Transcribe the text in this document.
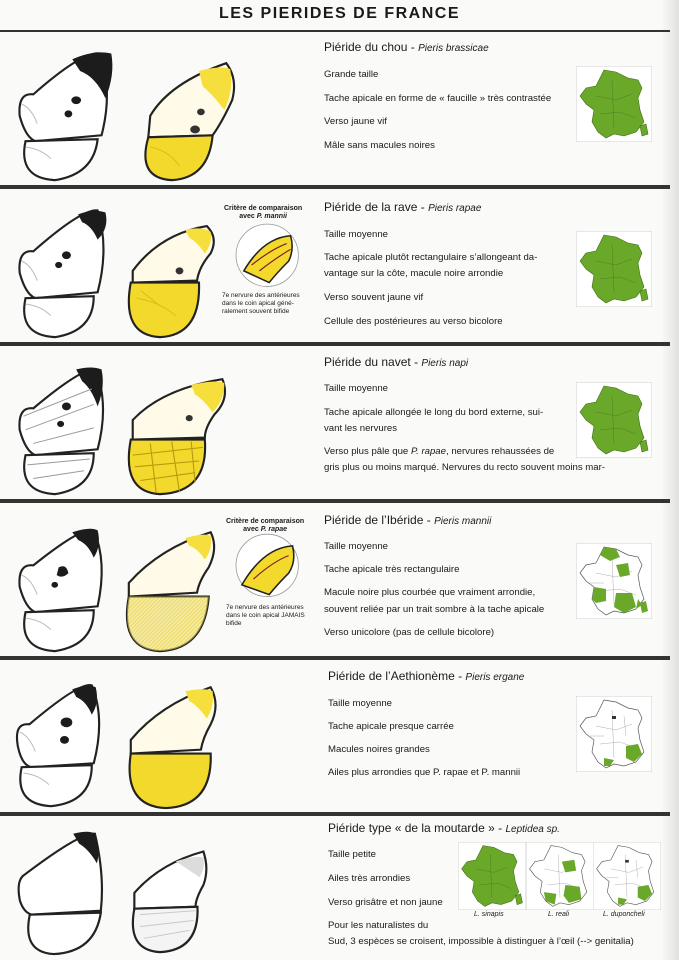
LES PIERIDES DE FRANCE
Piéride du chou - Pieris brassicae
Grande taille
Tache apicale en forme de « faucille » très contrastée
Verso jaune vif
Mâle sans macules noires
Critère de comparaison
avec P. mannii
7e nervure des antérieures
dans le coin apical géné-
ralement souvent bifide
Piéride de la rave - Pieris rapae
Taille moyenne
Tache apicale plutôt rectangulaire s’allongeant da-
vantage sur la côte, macule noire arrondie
Verso souvent jaune vif
Cellule des postérieures au verso bicolore
Piéride du navet - Pieris napi
Taille moyenne
Tache apicale allongée le long du bord externe, sui-
vant les nervures
Verso plus pâle que P. rapae, nervures rehaussées de
gris plus ou moins marqué. Nervures du recto souvent moins mar-
Critère de comparaison
avec P. rapae
7e nervure des antérieures
dans le coin apical JAMAIS
bifide
Piéride de l’Ibéride - Pieris mannii
Taille moyenne
Tache apicale très rectangulaire
Macule noire plus courbée que vraiment arrondie,
souvent reliée par un trait sombre à la tache apicale
Verso unicolore (pas de cellule bicolore)
Piéride de l’Aethionème - Pieris ergane
Taille moyenne
Tache apicale presque carrée
Macules noires grandes
Ailes plus arrondies que P. rapae et P. mannii
Piéride type « de la moutarde » - Leptidea sp.
Taille petite
Ailes très arrondies
Verso grisâtre et non jaune
Pour les naturalistes du
Sud, 3 espèces se croisent, impossible à distinguer à l’œil (--> genitalia)
L. sinapis	L. reali	L. duponcheli
